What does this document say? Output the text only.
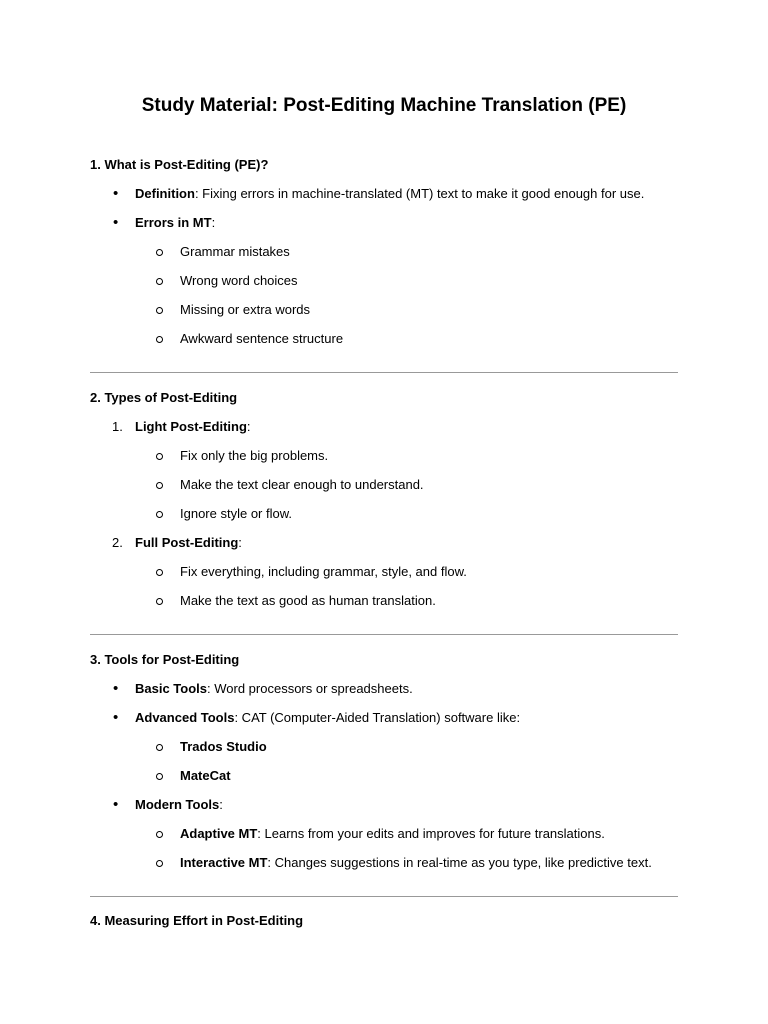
Study Material: Post-Editing Machine Translation (PE)
1. What is Post-Editing (PE)?
• Definition: Fixing errors in machine-translated (MT) text to make it good enough for use.
• Errors in MT:
Grammar mistakes
Wrong word choices
Missing or extra words
Awkward sentence structure
2. Types of Post-Editing
1. Light Post-Editing:
Fix only the big problems.
Make the text clear enough to understand.
Ignore style or flow.
2. Full Post-Editing:
Fix everything, including grammar, style, and flow.
Make the text as good as human translation.
3. Tools for Post-Editing
• Basic Tools: Word processors or spreadsheets.
• Advanced Tools: CAT (Computer-Aided Translation) software like:
Trados Studio
MateCat
• Modern Tools:
Adaptive MT: Learns from your edits and improves for future translations.
Interactive MT: Changes suggestions in real-time as you type, like predictive text.
4. Measuring Effort in Post-Editing
